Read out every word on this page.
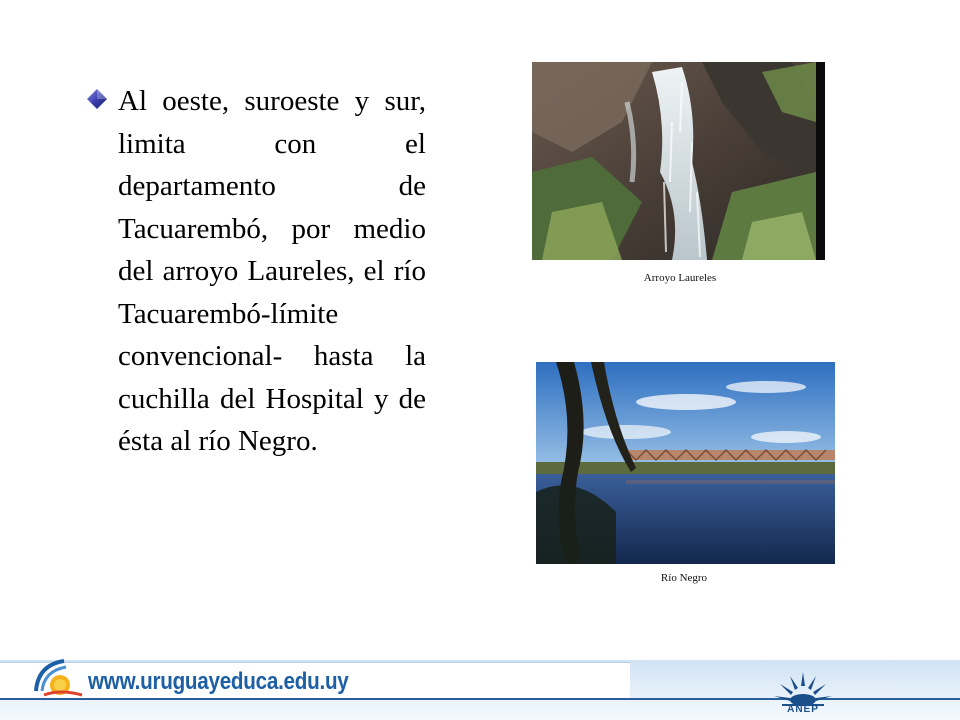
Al oeste, suroeste y sur, limita con el departamento de Tacuarembó, por medio del arroyo Laureles, el río Tacuarembó-límite convencional- hasta la cuchilla del Hospital y de ésta al río Negro.

Arroyo Laureles
Río Negro
www.uruguayeduca.edu.uy
ANEP
